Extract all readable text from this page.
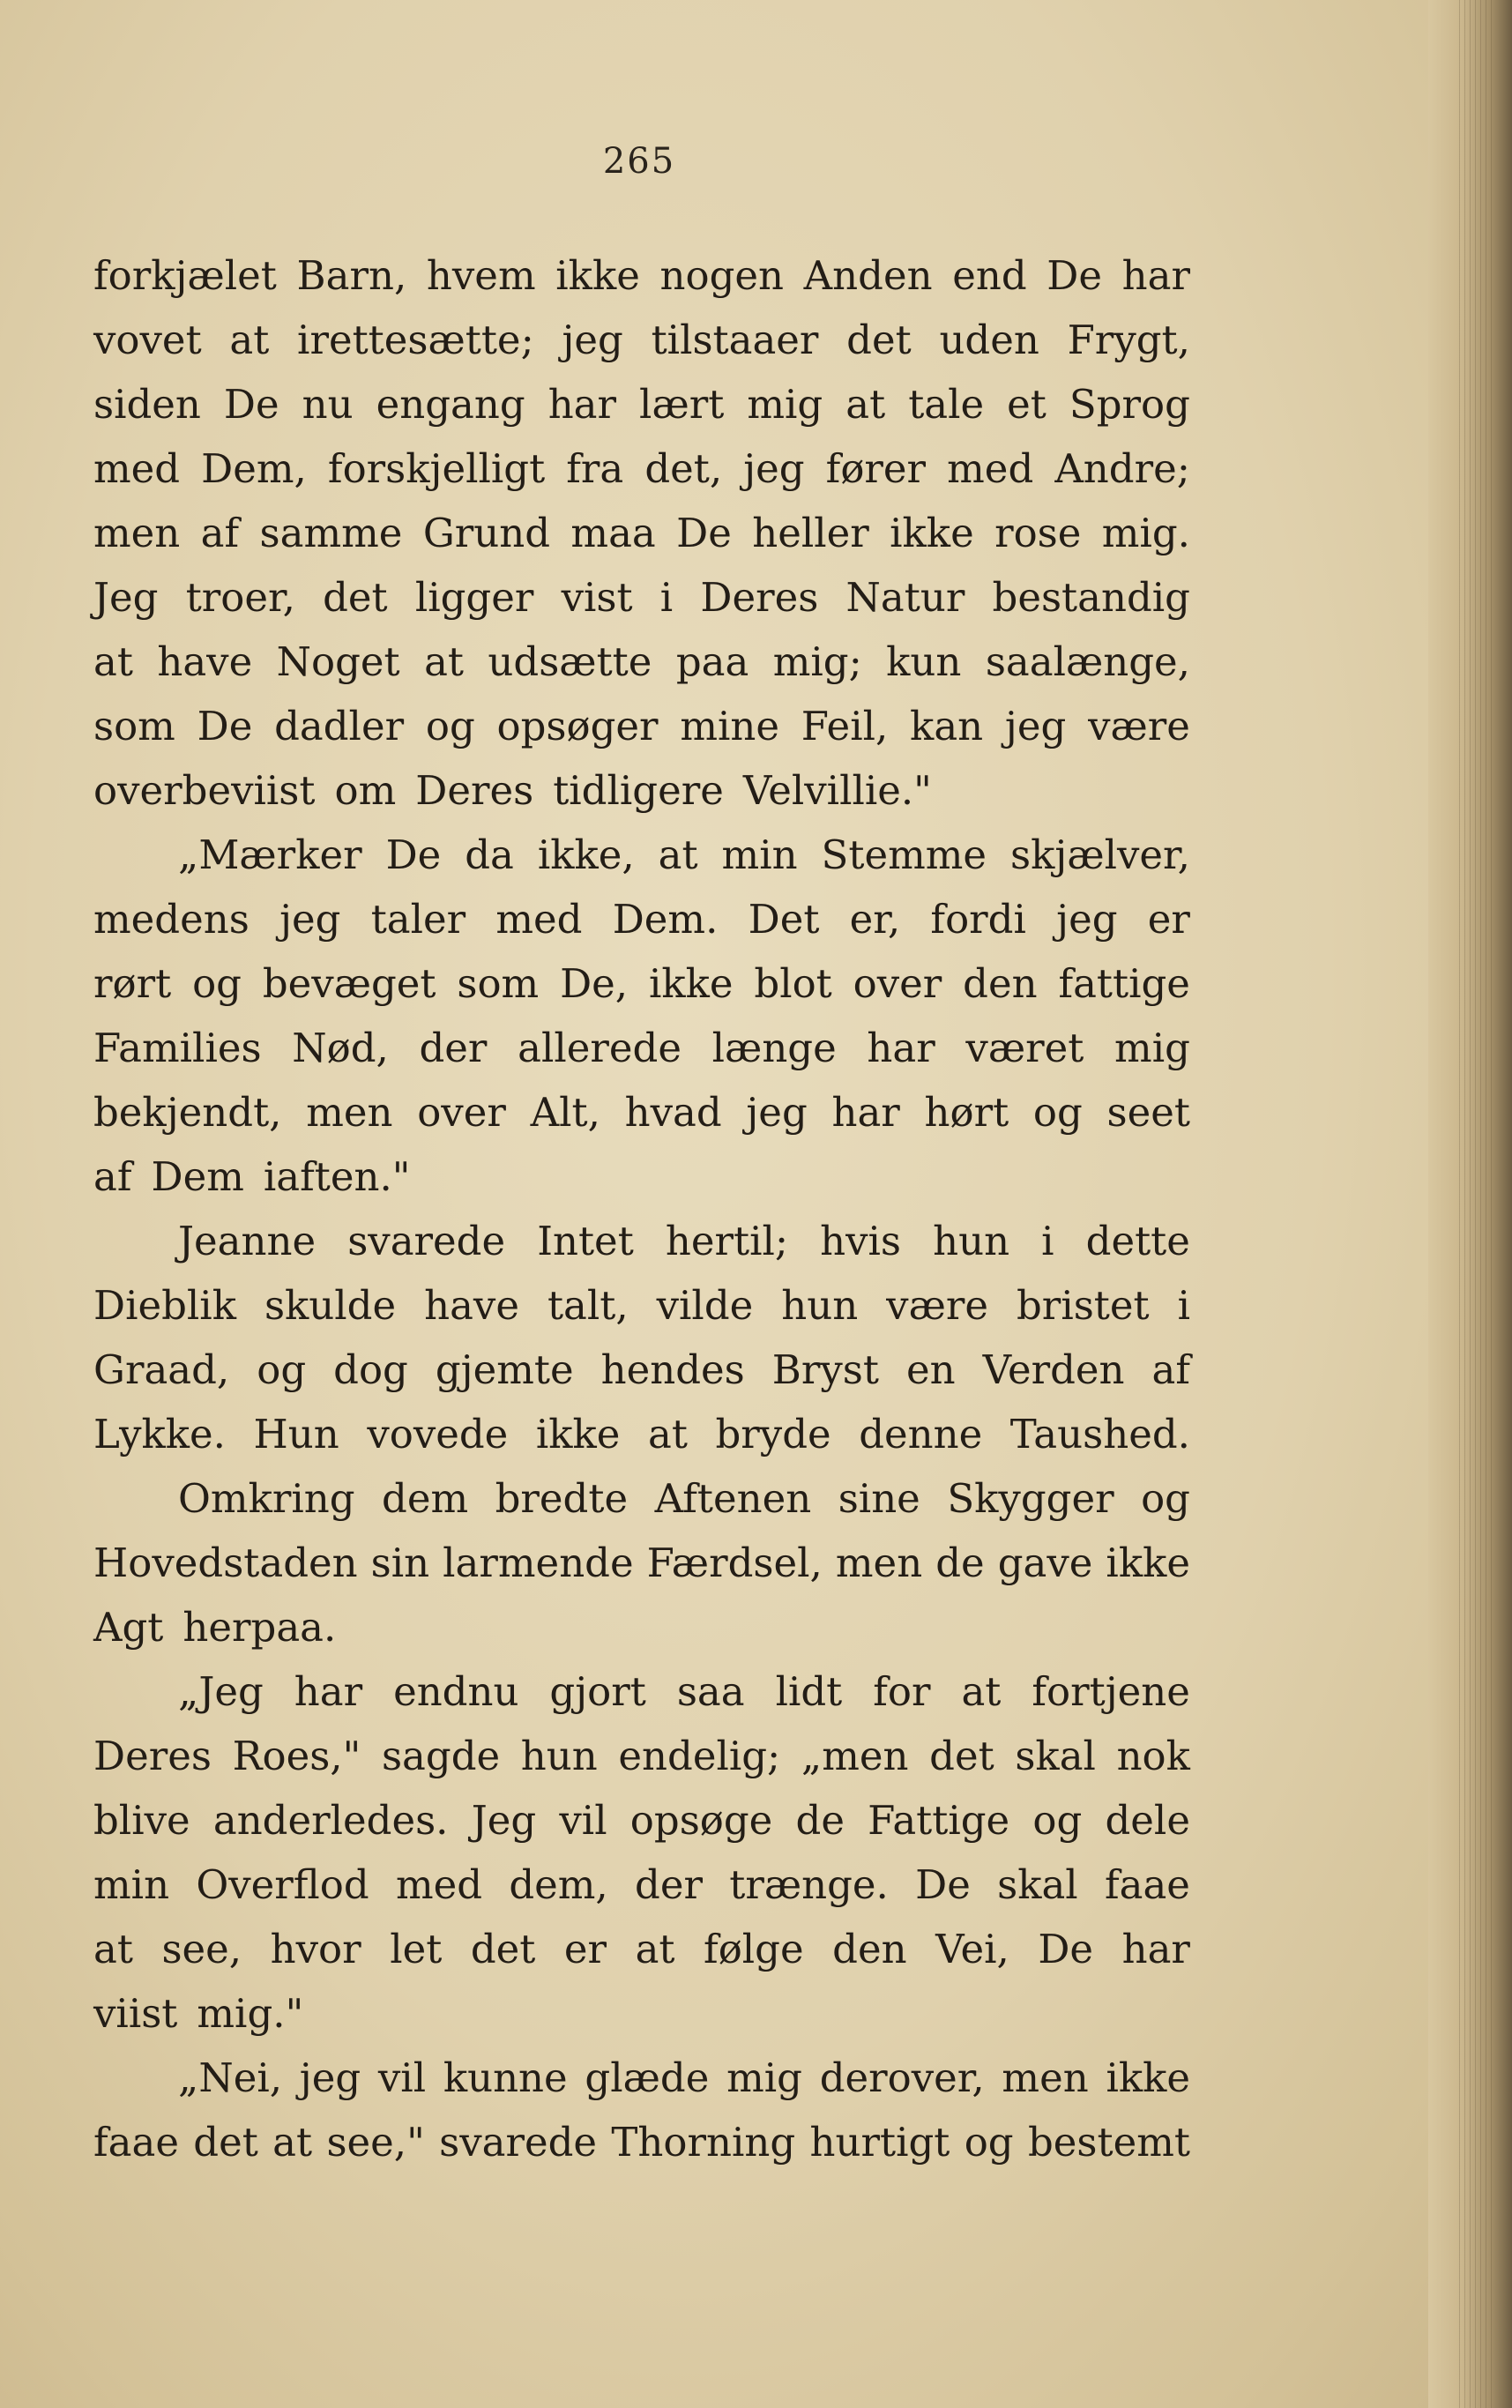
265
forkjælet Barn, hvem ikke nogen Anden end De har
vovet at irettesætte; jeg tilstaaer det uden Frygt,
siden De nu engang har lært mig at tale et Sprog
med Dem, forskjelligt fra det, jeg fører med Andre;
men af samme Grund maa De heller ikke rose mig.
Jeg troer, det ligger vist i Deres Natur bestandig
at have Noget at udsætte paa mig; kun saalænge,
som De dadler og opsøger mine Feil, kan jeg være
overbeviist om Deres tidligere Velvillie."
„Mærker De da ikke, at min Stemme skjælver,
medens jeg taler med Dem. Det er, fordi jeg er
rørt og bevæget som De, ikke blot over den fattige
Families Nød, der allerede længe har været mig
bekjendt, men over Alt, hvad jeg har hørt og seet
af Dem iaften."
Jeanne svarede Intet hertil; hvis hun i dette
Dieblik skulde have talt, vilde hun være bristet i
Graad, og dog gjemte hendes Bryst en Verden af
Lykke. Hun vovede ikke at bryde denne Taushed.
Omkring dem bredte Aftenen sine Skygger og
Hovedstaden sin larmende Færdsel, men de gave ikke
Agt herpaa.
„Jeg har endnu gjort saa lidt for at fortjene
Deres Roes," sagde hun endelig; „men det skal nok
blive anderledes. Jeg vil opsøge de Fattige og dele
min Overflod med dem, der trænge. De skal faae
at see, hvor let det er at følge den Vei, De har
viist mig."
„Nei, jeg vil kunne glæde mig derover, men ikke
faae det at see," svarede Thorning hurtigt og bestemt
